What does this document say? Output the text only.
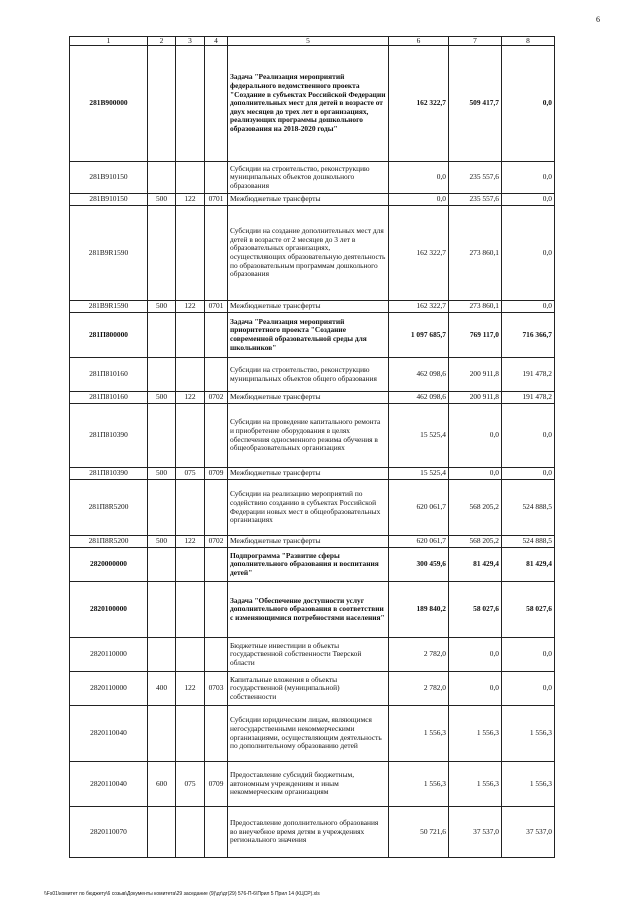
6
1	2	3	4	5	6	7	8
281В900000				Задача "Реализация мероприятий федерального ведомственного проекта "Создание в субъектах Российской Федерации дополнительных мест для детей в возрасте от двух месяцев до трех лет в организациях, реализующих программы дошкольного образования на 2018-2020 годы"	162 322,7	509 417,7	0,0
281В910150				Субсидии на строительство, реконструкцию муниципальных объектов дошкольного образования	0,0	235 557,6	0,0
281В910150	500	122	0701	Межбюджетные трансферты	0,0	235 557,6	0,0
281В9R1590				Субсидии на создание дополнительных мест для детей в возрасте от 2 месяцев до 3 лет в образовательных организациях, осуществляющих образовательную деятельность по образовательным программам дошкольного образования	162 322,7	273 860,1	0,0
281В9R1590	500	122	0701	Межбюджетные трансферты	162 322,7	273 860,1	0,0
281П800000				Задача "Реализация мероприятий приоритетного проекта "Создание современной образовательной среды для школьников"	1 097 685,7	769 117,0	716 366,7
281П810160				Субсидии на строительство, реконструкцию муниципальных объектов общего образования	462 098,6	200 911,8	191 478,2
281П810160	500	122	0702	Межбюджетные трансферты	462 098,6	200 911,8	191 478,2
281П810390				Субсидии на проведение капитального ремонта и приобретение оборудования в целях обеспечения односменного режима обучения в общеобразовательных организациях	15 525,4	0,0	0,0
281П810390	500	075	0709	Межбюджетные трансферты	15 525,4	0,0	0,0
281П8R5200				Субсидии на реализацию мероприятий по содействию созданию в субъектах Российской Федерации новых мест в общеобразовательных организациях	620 061,7	568 205,2	524 888,5
281П8R5200	500	122	0702	Межбюджетные трансферты	620 061,7	568 205,2	524 888,5
2820000000				Подпрограмма "Развитие сферы дополнительного образования и воспитания детей"	300 459,6	81 429,4	81 429,4
2820100000				Задача "Обеспечение доступности услуг дополнительного образования в соответствии с изменяющимися потребностями населения"	189 840,2	58 027,6	58 027,6
2820110000				Бюджетные инвестиции в объекты государственной собственности Тверской области	2 782,0	0,0	0,0
2820110000	400	122	0703	Капитальные вложения в объекты государственной (муниципальной) собственности	2 782,0	0,0	0,0
2820110040				Субсидии юридическим лицам, являющимся негосударственными некоммерческими организациями, осуществляющим деятельность по дополнительному образованию детей	1 556,3	1 556,3	1 556,3
2820110040	600	075	0709	Предоставление субсидий бюджетным, автономным учреждениям и иным некоммерческим организациям	1 556,3	1 556,3	1 556,3
2820110070				Предоставление дополнительного образования во внеучебное время детям в учреждениях регионального значения	50 721,6	37 537,0	37 537,0
\\Fs01\комитет по бюджету\6 созыв\Документы комитета\29 заседание (9)\дг\дг(29) 576-П-6\Прил 5 Прил 14 (КЦСР).xls
